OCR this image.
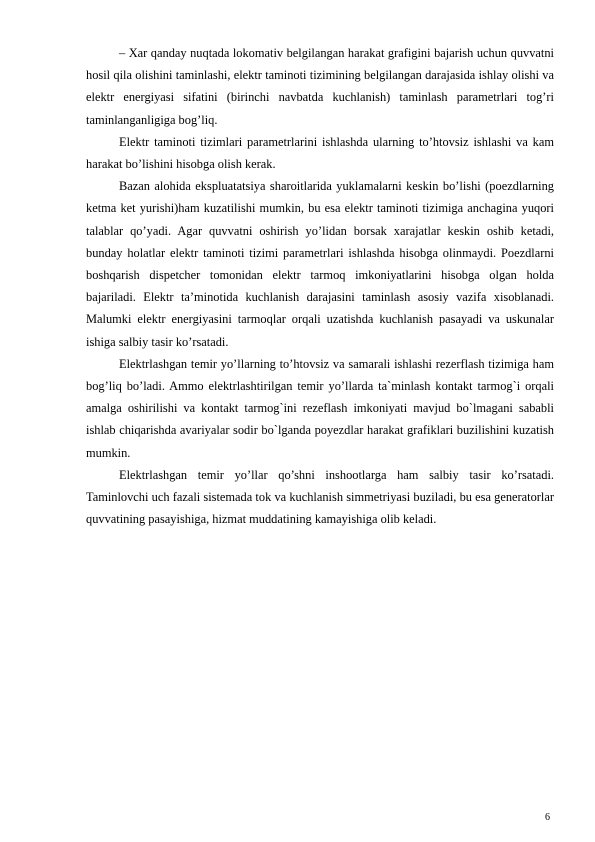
– Xar qanday nuqtada lokomativ belgilangan harakat grafigini bajarish uchun quvvatni hosil qila olishini taminlashi, elektr taminoti tizimining belgilangan darajasida ishlay olishi va elektr energiyasi sifatini (birinchi navbatda kuchlanish) taminlash parametrlari tog’ri taminlanganligiga bog’liq.

Elektr taminoti tizimlari parametrlarini ishlashda ularning to’htovsiz ishlashi va kam harakat bo’lishini hisobga olish kerak.

Bazan alohida ekspluatatsiya sharoitlarida yuklamalarni keskin bo’lishi (poezdlarning ketma ket yurishi)ham kuzatilishi mumkin, bu esa elektr taminoti tizimiga anchagina yuqori talablar qo’yadi. Agar quvvatni oshirish yo’lidan borsak xarajatlar keskin oshib ketadi, bunday holatlar elektr taminoti tizimi parametrlari ishlashda hisobga olinmaydi. Poezdlarni boshqarish dispetcher tomonidan elektr tarmoq imkoniyatlarini hisobga olgan holda bajariladi. Elektr ta’minotida kuchlanish darajasini taminlash asosiy vazifa xisoblanadi. Malumki elektr energiyasini tarmoqlar orqali uzatishda kuchlanish pasayadi va uskunalar ishiga salbiy tasir ko’rsatadi.

Elektrlashgan temir yo’llarning to’htovsiz va samarali ishlashi rezerflash tizimiga ham bog’liq bo’ladi. Ammo elektrlashtirilgan temir yo’llarda ta`minlash kontakt tarmog`i orqali amalga oshirilishi va kontakt tarmog`ini rezeflash imkoniyati mavjud bo`lmagani sababli ishlab chiqarishda avariyalar sodir bo`lganda poyezdlar harakat grafiklari buzilishini kuzatish mumkin.

Elektrlashgan temir yo’llar qo’shni inshootlarga ham salbiy tasir ko’rsatadi. Taminlovchi uch fazali sistemada tok va kuchlanish simmetriyasi buziladi, bu esa generatorlar quvvatining pasayishiga, hizmat muddatining kamayishiga olib keladi.

6
